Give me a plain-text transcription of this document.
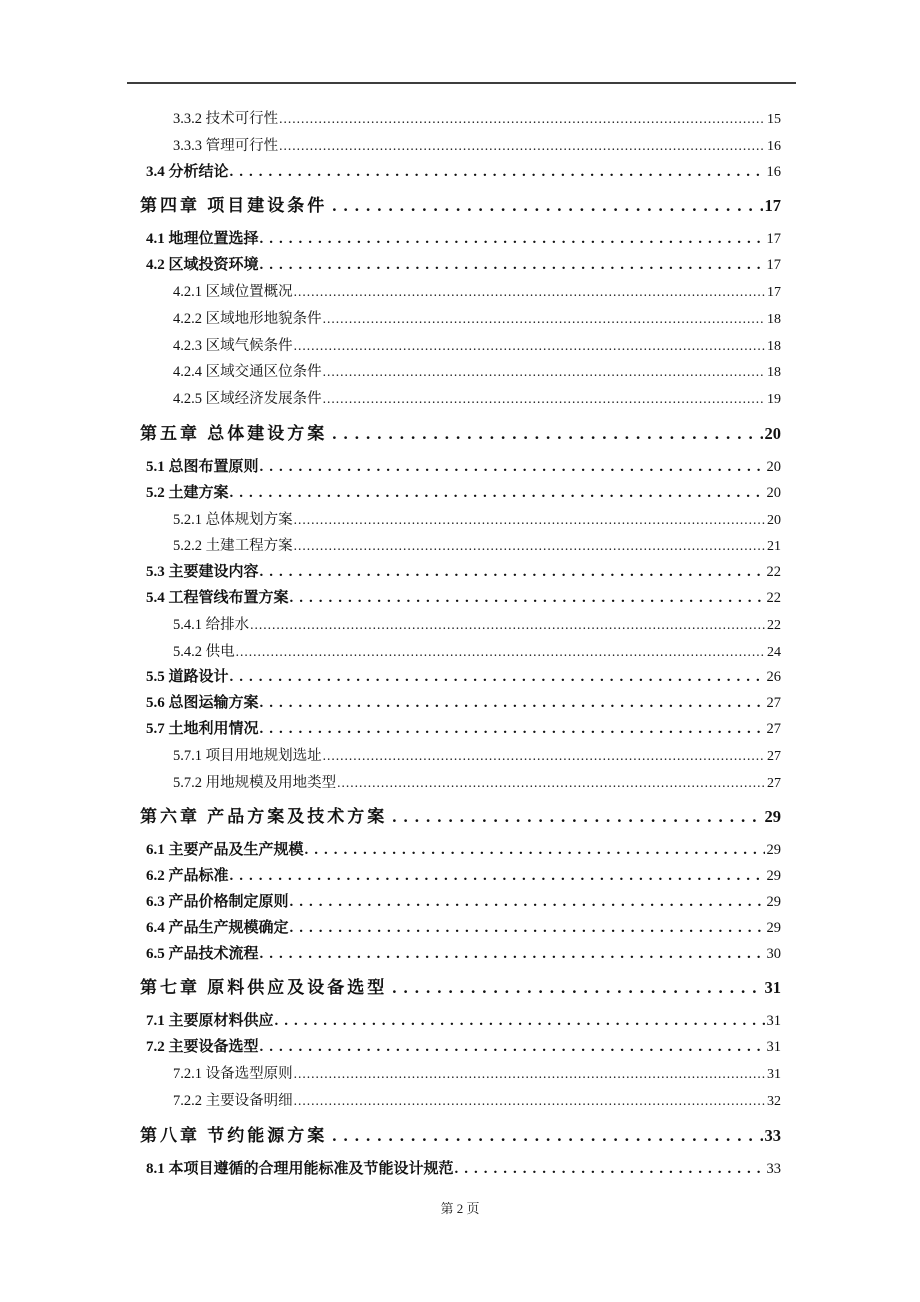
3.3.2 技术可行性 .....	15
3.3.3 管理可行性 .....	16
3.4 分析结论 .....	16
第四章 项目建设条件 .....	17
4.1 地理位置选择 .....	17
4.2 区域投资环境 .....	17
4.2.1 区域位置概况 .....	17
4.2.2 区域地形地貌条件 .....	18
4.2.3 区域气候条件 .....	18
4.2.4 区域交通区位条件 .....	18
4.2.5 区域经济发展条件 .....	19
第五章 总体建设方案 .....	20
5.1 总图布置原则 .....	20
5.2 土建方案 .....	20
5.2.1 总体规划方案 .....	20
5.2.2 土建工程方案 .....	21
5.3 主要建设内容 .....	22
5.4 工程管线布置方案 .....	22
5.4.1 给排水 .....	22
5.4.2 供电 .....	24
5.5 道路设计 .....	26
5.6 总图运输方案 .....	27
5.7 土地利用情况 .....	27
5.7.1 项目用地规划选址 .....	27
5.7.2 用地规模及用地类型 .....	27
第六章 产品方案及技术方案 .....	29
6.1 主要产品及生产规模 .....	29
6.2 产品标准 .....	29
6.3 产品价格制定原则 .....	29
6.4 产品生产规模确定 .....	29
6.5 产品技术流程 .....	30
第七章 原料供应及设备选型 .....	31
7.1 主要原材料供应 .....	31
7.2 主要设备选型 .....	31
7.2.1 设备选型原则 .....	31
7.2.2 主要设备明细 .....	32
第八章 节约能源方案 .....	33
8.1 本项目遵循的合理用能标准及节能设计规范 .....	33
第 2 页
